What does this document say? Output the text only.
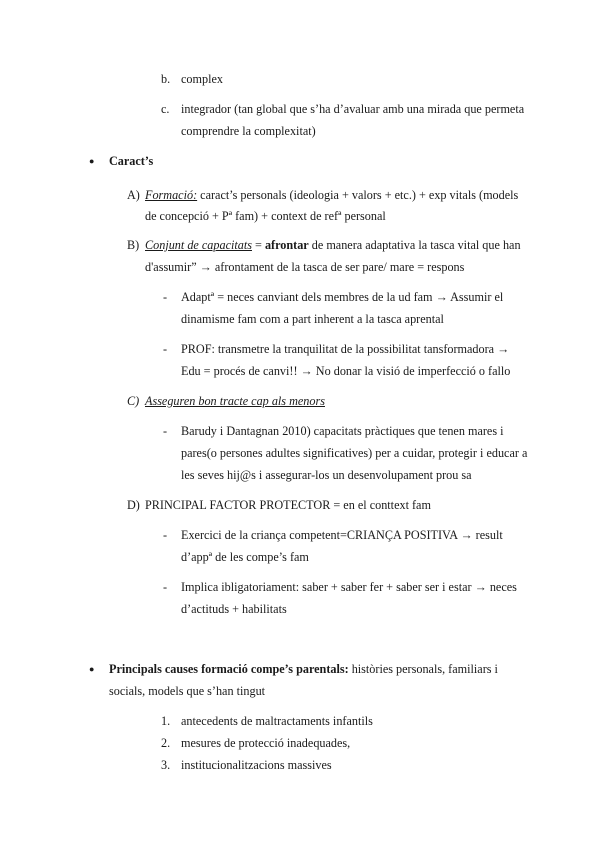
b. complex
c. integrador (tan global que s’ha d’avaluar amb una mirada que permeta
comprendre la complexitat)
● Caract’s
A) Formació: caract’s personals (ideologia + valors + etc.) + exp vitals (models
de concepció + Pª fam) + context de refª personal
B) Conjunt de capacitats = afrontar de manera adaptativa la tasca vital que han
d'assumir” → afrontament de la tasca de ser pare/ mare = respons
- Adaptª = neces canviant dels membres de la ud fam → Assumir el
dinamisme fam com a part inherent a la tasca aprental
- PROF: transmetre la tranquilitat de la possibilitat tansformadora →
Edu = procés de canvi!! → No donar la visió de imperfecció o fallo
C) Asseguren bon tracte cap als menors
- Barudy i Dantagnan 2010) capacitats pràctiques que tenen mares i
pares(o persones adultes significatives) per a cuidar, protegir i educar a
les seves hij@s i assegurar-los un desenvolupament prou sa
D) PRINCIPAL FACTOR PROTECTOR = en el conttext fam
- Exercici de la criança competent=CRIANÇA POSITIVA → result
d’appª de les compe’s fam
- Implica ibligatoriament: saber + saber fer + saber ser i estar → neces
d’actituds + habilitats
● Principals causes formació compe’s parentals: històries personals, familiars i
socials, models que s’han tingut
1. antecedents de maltractaments infantils
2. mesures de protecció inadequades,
3. institucionalitzacions massives
